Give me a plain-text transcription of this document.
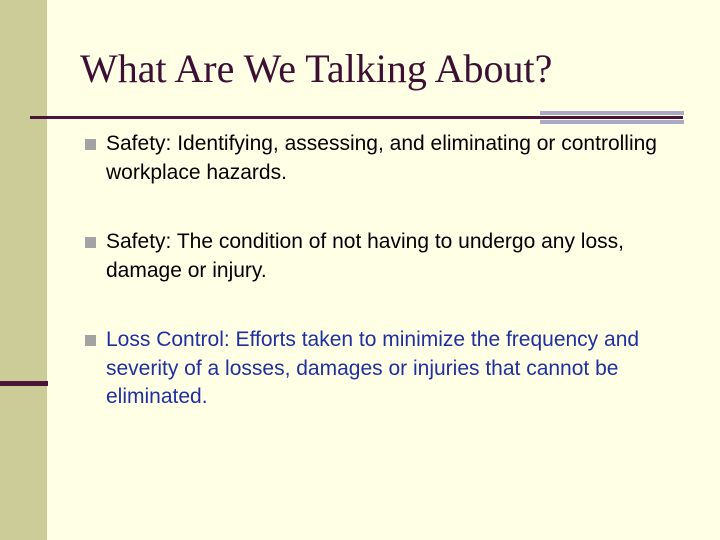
What Are We Talking About?
Safety: Identifying, assessing, and eliminating or controlling workplace hazards.
Safety: The condition of not having to undergo any loss, damage or injury.
Loss Control: Efforts taken to minimize the frequency and severity of a losses, damages or injuries that cannot be eliminated.
